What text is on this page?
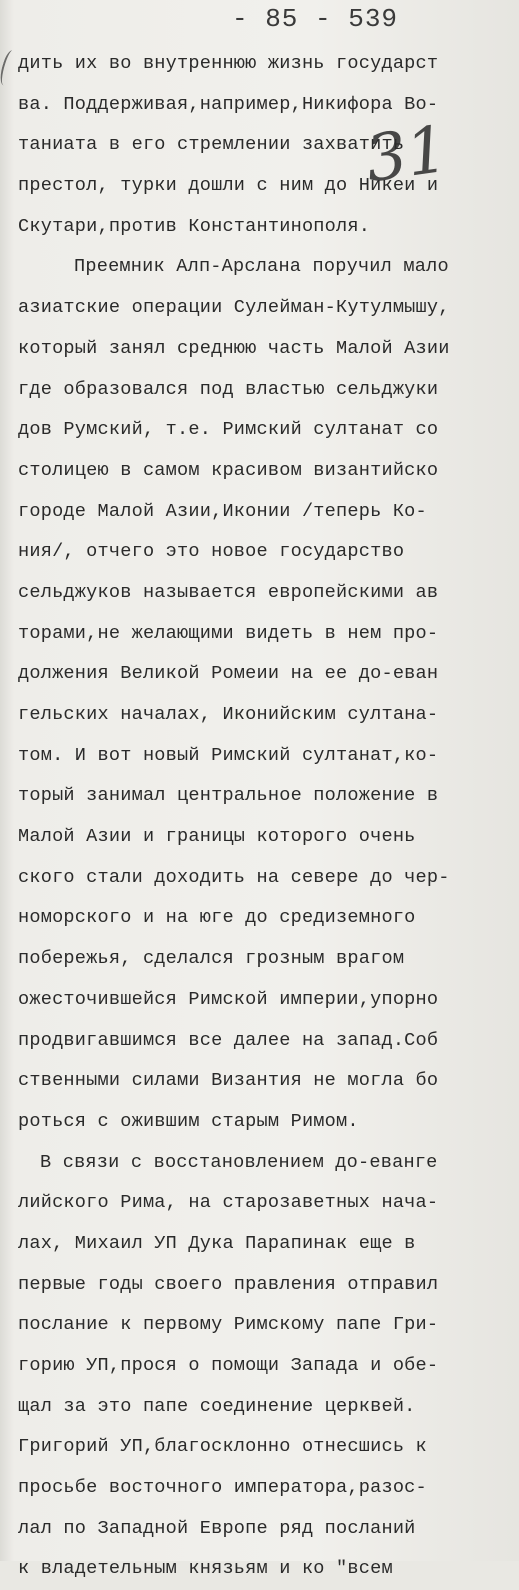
- 85 - 539
31
дить их во внутреннюю жизнь государст
ва. Поддерживая,например,Никифора Во-
таниата в его стремлении захватить
престол, турки дошли с ним до Никеи и
Скутари,против Константинополя.
Преемник Алп-Арслана поручил мало
азиатские операции Сулейман-Кутулмышу,
который занял среднюю часть Малой Азии
где образовался под властью сельджуки
дов Румский, т.е. Римский султанат со
столицею в самом красивом византийско
городе Малой Азии,Иконии /теперь Ко-
ния/, отчего это новое государство
сельджуков называется европейскими ав
торами,не желающими видеть в нем про-
должения Великой Ромеии на ее до-еван
гельских началах, Иконийским султана-
том. И вот новый Римский султанат,ко-
торый занимал центральное положение в
Малой Азии и границы которого очень
ского стали доходить на севере до чер-
номорского и на юге до средиземного
побережья, сделался грозным врагом
ожесточившейся Римской империи,упорно
продвигавшимся все далее на запад.Соб
ственными силами Византия не могла бо
роться с ожившим старым Римом.
В связи с восстановлением до-еванге
лийского Рима, на старозаветных нача-
лах, Михаил УП Дука Парапинак еще в
первые годы своего правления отправил
послание к первому Римскому папе Гри-
горию УП,прося о помощи Запада и обе-
щал за это папе соединение церквей.
Григорий УП,благосклонно отнесшись к
просьбе восточного императора,разос-
лал по Западной Европе ряд посланий
к владетельным князьям и ко "всем
